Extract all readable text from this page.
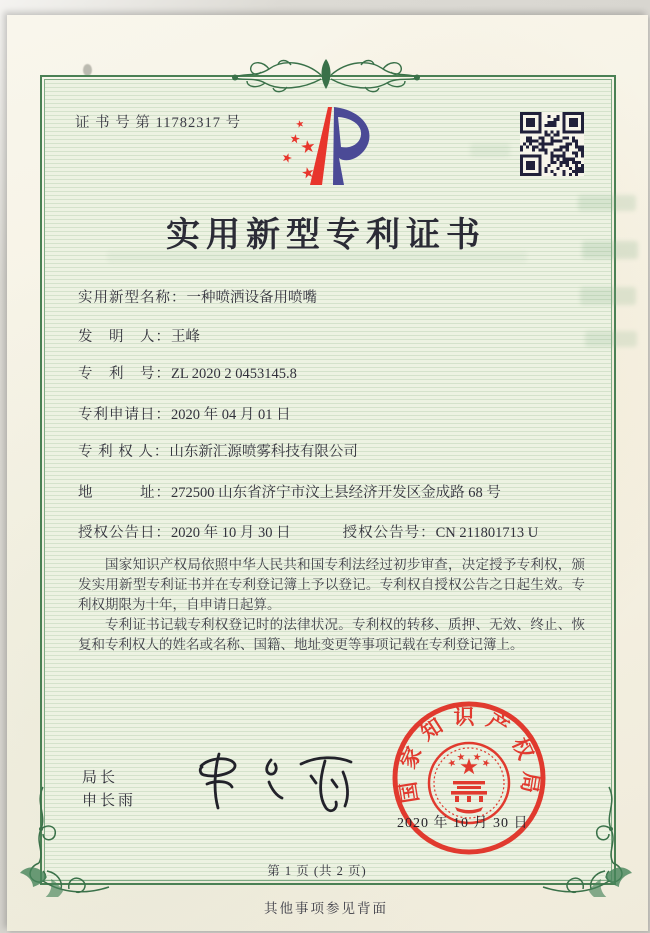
证 书 号 第 11782317 号
实用新型专利证书
实用新型名称：一种喷洒设备用喷嘴
发　明　人：王峰
专　利　号：ZL 2020 2 0453145.8
专利申请日：2020 年 04 月 01 日
专 利 权 人：山东新汇源喷雾科技有限公司
地　　　址：272500 山东省济宁市汶上县经济开发区金成路 68 号
授权公告日：2020 年 10 月 30 日	授权公告号：CN 211801713 U

国家知识产权局依照中华人民共和国专利法经过初步审查，决定授予专利权，颁发实用新型专利证书并在专利登记簿上予以登记。专利权自授权公告之日起生效。专利权期限为十年，自申请日起算。

专利证书记载专利权登记时的法律状况。专利权的转移、质押、无效、终止、恢复和专利权人的姓名或名称、国籍、地址变更等事项记载在专利登记簿上。

局长
申长雨	国家知识产权局
2020 年 10 月 30 日
第 1 页 (共 2 页)
其他事项参见背面
